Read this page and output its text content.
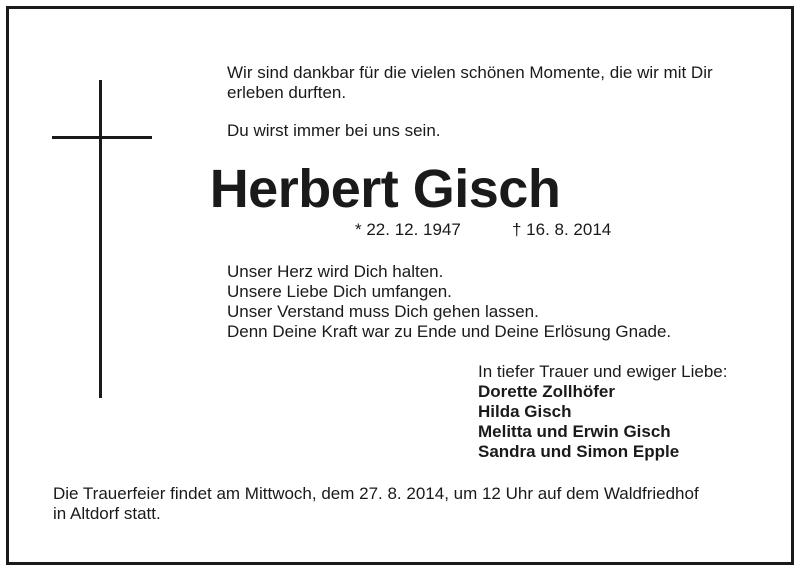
Wir sind dankbar für die vielen schönen Momente, die wir mit Dir
erleben durften.
Du wirst immer bei uns sein.
Herbert Gisch
* 22. 12. 1947	† 16. 8. 2014
Unser Herz wird Dich halten.
Unsere Liebe Dich umfangen.
Unser Verstand muss Dich gehen lassen.
Denn Deine Kraft war zu Ende und Deine Erlösung Gnade.
In tiefer Trauer und ewiger Liebe:
Dorette Zollhöfer
Hilda Gisch
Melitta und Erwin Gisch
Sandra und Simon Epple
Die Trauerfeier findet am Mittwoch, dem 27. 8. 2014, um 12 Uhr auf dem Waldfriedhof
in Altdorf statt.
